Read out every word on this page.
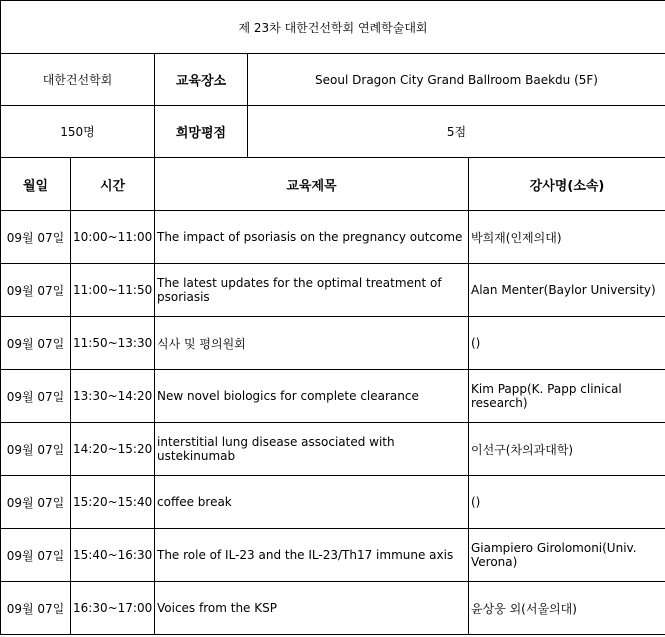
제 23차 대한건선학회 연례학술대회				
대한건선학회		교육장소	Seoul Dragon City Grand Ballroom Baekdu (5F)	
150명		희망평점	5점	
월일	시간	교육제목		강사명(소속)
09월 07일	10:00~11:00	The impact of psoriasis on the pregnancy outcome		박희재(인제의대)
09월 07일	11:00~11:50	The latest updates for the optimal treatment of psoriasis		Alan Menter(Baylor University)
09월 07일	11:50~13:30	식사 및 평의원회		()
09월 07일	13:30~14:20	New novel biologics for complete clearance		Kim Papp(K. Papp clinical research)
09월 07일	14:20~15:20	interstitial lung disease associated with ustekinumab		이선구(차의과대학)
09월 07일	15:20~15:40	coffee break		()
09월 07일	15:40~16:30	The role of IL-23 and the IL-23/Th17 immune axis		Giampiero Girolomoni(Univ. Verona)
09월 07일	16:30~17:00	Voices from the KSP		윤상웅 외(서울의대)
